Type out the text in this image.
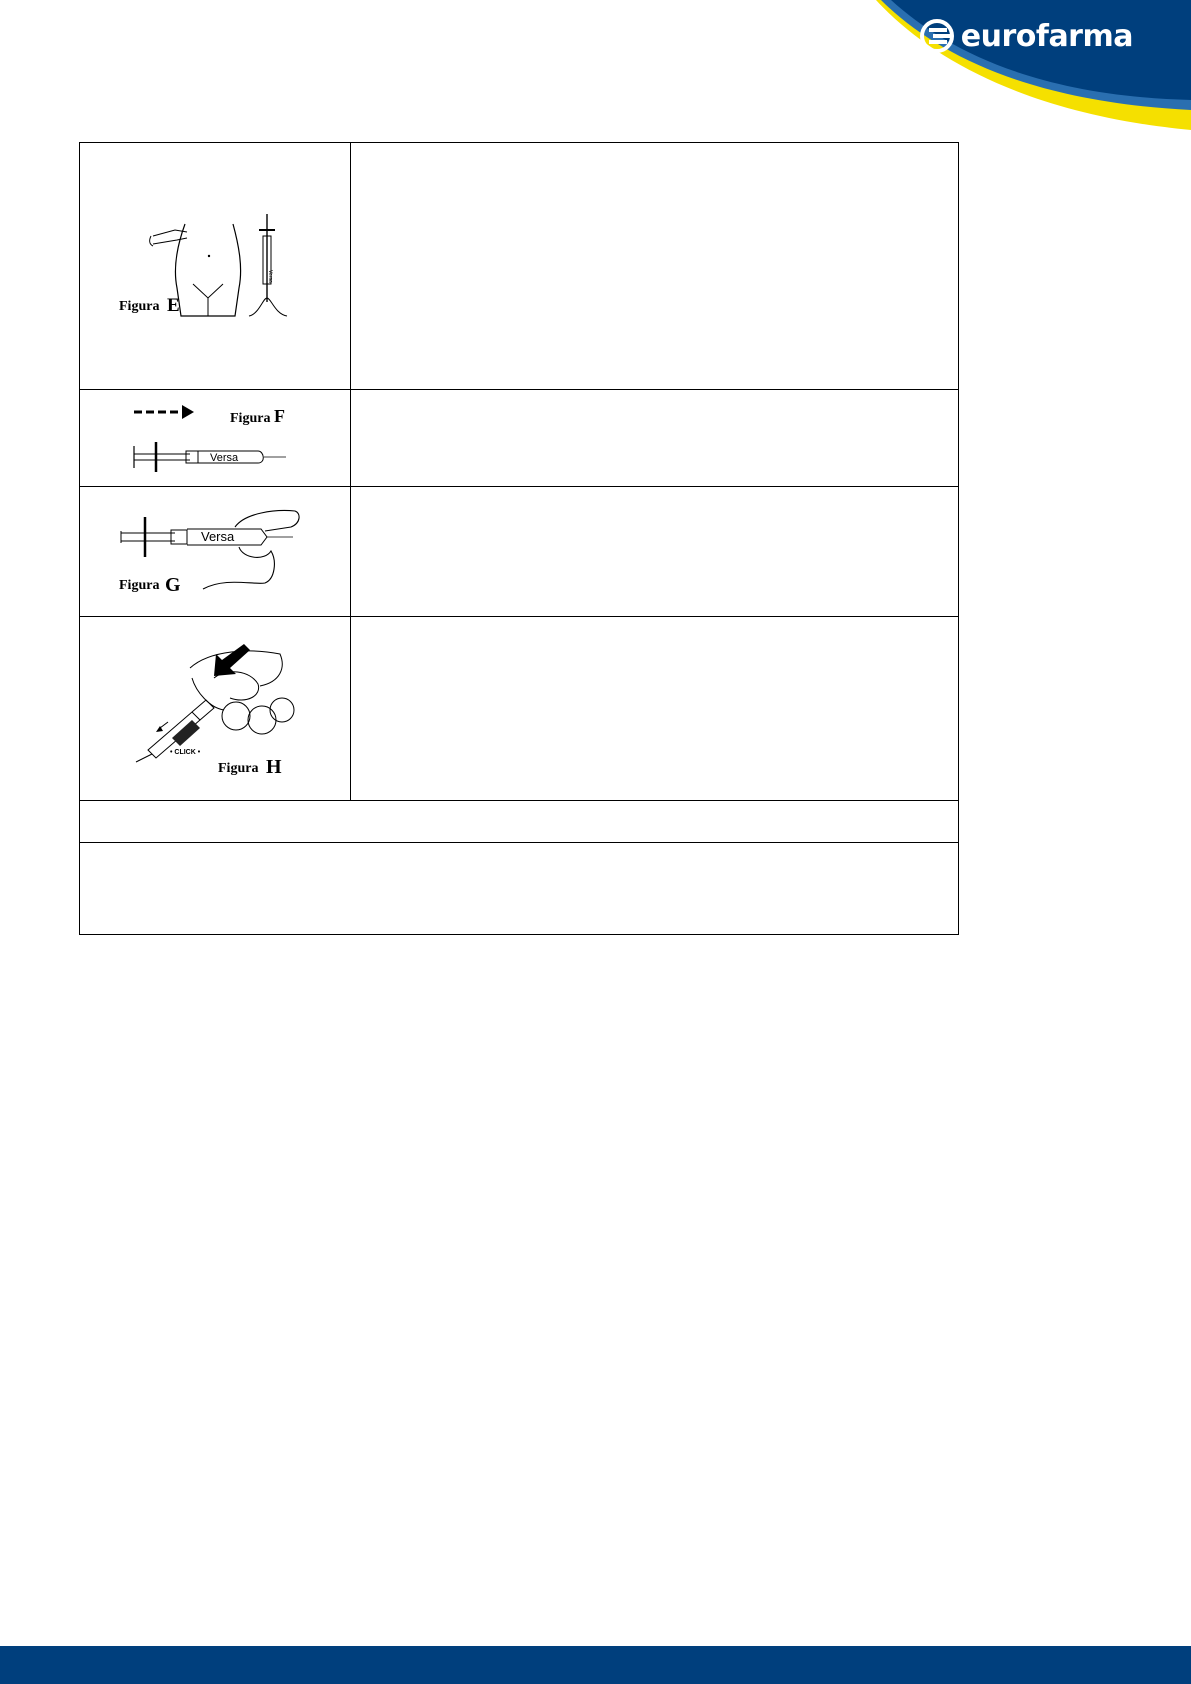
eurofarma
Versa
Figura E	

Figura F
Versa	

Versa
Figura G	

• CLICK •
Figura H	
